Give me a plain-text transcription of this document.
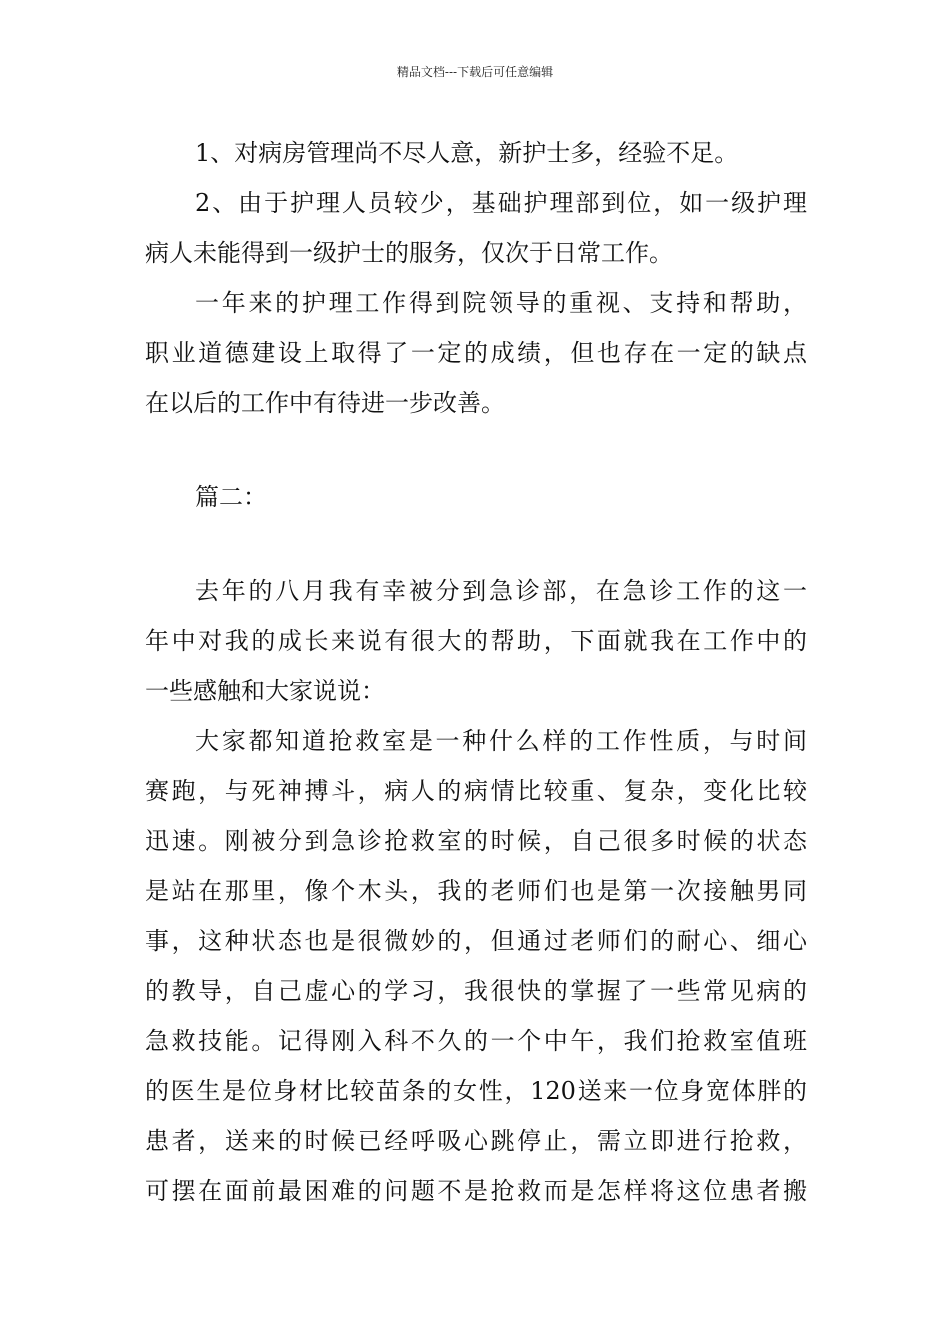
精品文档---下载后可任意编辑
1、对病房管理尚不尽人意，新护士多，经验不足。
2、由于护理人员较少，基础护理部到位，如一级护理
病人未能得到一级护士的服务，仅次于日常工作。
一年来的护理工作得到院领导的重视、支持和帮助，
职业道德建设上取得了一定的成绩，但也存在一定的缺点
在以后的工作中有待进一步改善。
篇二：
去年的八月我有幸被分到急诊部，在急诊工作的这一
年中对我的成长来说有很大的帮助，下面就我在工作中的
一些感触和大家说说：
大家都知道抢救室是一种什么样的工作性质，与时间
赛跑，与死神搏斗，病人的病情比较重、复杂，变化比较
迅速。刚被分到急诊抢救室的时候，自己很多时候的状态
是站在那里，像个木头，我的老师们也是第一次接触男同
事，这种状态也是很微妙的，但通过老师们的耐心、细心
的教导，自己虚心的学习，我很快的掌握了一些常见病的
急救技能。记得刚入科不久的一个中午，我们抢救室值班
的医生是位身材比较苗条的女性，120送来一位身宽体胖的
患者，送来的时候已经呼吸心跳停止，需立即进行抢救，
可摆在面前最困难的问题不是抢救而是怎样将这位患者搬
